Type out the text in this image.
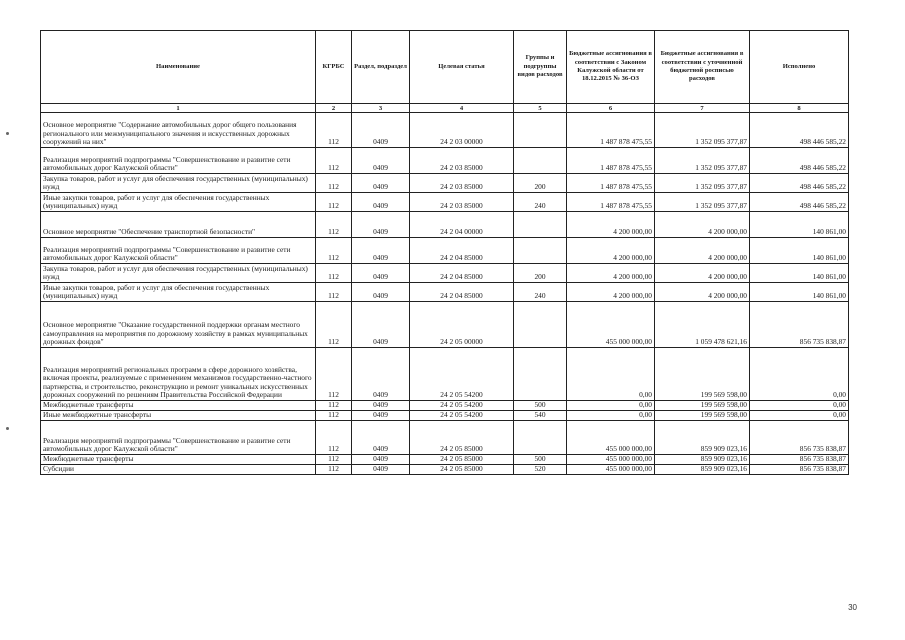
Наименование	КГРБС	Раздел, подраздел	Целевая статья	Группы и подгруппы видов расходов	Бюджетные ассигнования в соответствии с Законом Калужской области от 18.12.2015 № 36-ОЗ	Бюджетные ассигнования в соответствии с уточненной бюджетной росписью расходов	Исполнено
1	2	3	4	5	6	7	8
Основное мероприятие "Содержание автомобильных дорог общего пользования регионального или межмуниципального значения и искусственных дорожных сооружений на них"	112	0409	24 2 03 00000		1 487 878 475,55	1 352 095 377,87	498 446 585,22
Реализация мероприятий подпрограммы "Совершенствование и развитие сети автомобильных дорог Калужской области"	112	0409	24 2 03 85000		1 487 878 475,55	1 352 095 377,87	498 446 585,22
Закупка товаров, работ и услуг для обеспечения государственных (муниципальных) нужд	112	0409	24 2 03 85000	200	1 487 878 475,55	1 352 095 377,87	498 446 585,22
Иные закупки товаров, работ и услуг для обеспечения государственных (муниципальных) нужд	112	0409	24 2 03 85000	240	1 487 878 475,55	1 352 095 377,87	498 446 585,22
Основное мероприятие "Обеспечение транспортной безопасности"	112	0409	24 2 04 00000		4 200 000,00	4 200 000,00	140 861,00
Реализация мероприятий подпрограммы "Совершенствование и развитие сети автомобильных дорог Калужской области"	112	0409	24 2 04 85000		4 200 000,00	4 200 000,00	140 861,00
Закупка товаров, работ и услуг для обеспечения государственных (муниципальных) нужд	112	0409	24 2 04 85000	200	4 200 000,00	4 200 000,00	140 861,00
Иные закупки товаров, работ и услуг для обеспечения государственных (муниципальных) нужд	112	0409	24 2 04 85000	240	4 200 000,00	4 200 000,00	140 861,00
Основное мероприятие "Оказание государственной поддержки органам местного самоуправления на мероприятия по дорожному хозяйству в рамках муниципальных дорожных фондов"	112	0409	24 2 05 00000		455 000 000,00	1 059 478 621,16	856 735 838,87
Реализация мероприятий региональных программ в сфере дорожного хозяйства, включая проекты, реализуемые с применением механизмов государственно-частного партнерства, и строительство, реконструкцию и ремонт уникальных искусственных дорожных сооружений по решениям Правительства Российской Федерации	112	0409	24 2 05 54200		0,00	199 569 598,00	0,00
Межбюджетные трансферты	112	0409	24 2 05 54200	500	0,00	199 569 598,00	0,00
Иные межбюджетные трансферты	112	0409	24 2 05 54200	540	0,00	199 569 598,00	0,00
Реализация мероприятий подпрограммы "Совершенствование и развитие сети автомобильных дорог Калужской области"	112	0409	24 2 05 85000		455 000 000,00	859 909 023,16	856 735 838,87
Межбюджетные трансферты	112	0409	24 2 05 85000	500	455 000 000,00	859 909 023,16	856 735 838,87
Субсидии	112	0409	24 2 05 85000	520	455 000 000,00	859 909 023,16	856 735 838,87
30
